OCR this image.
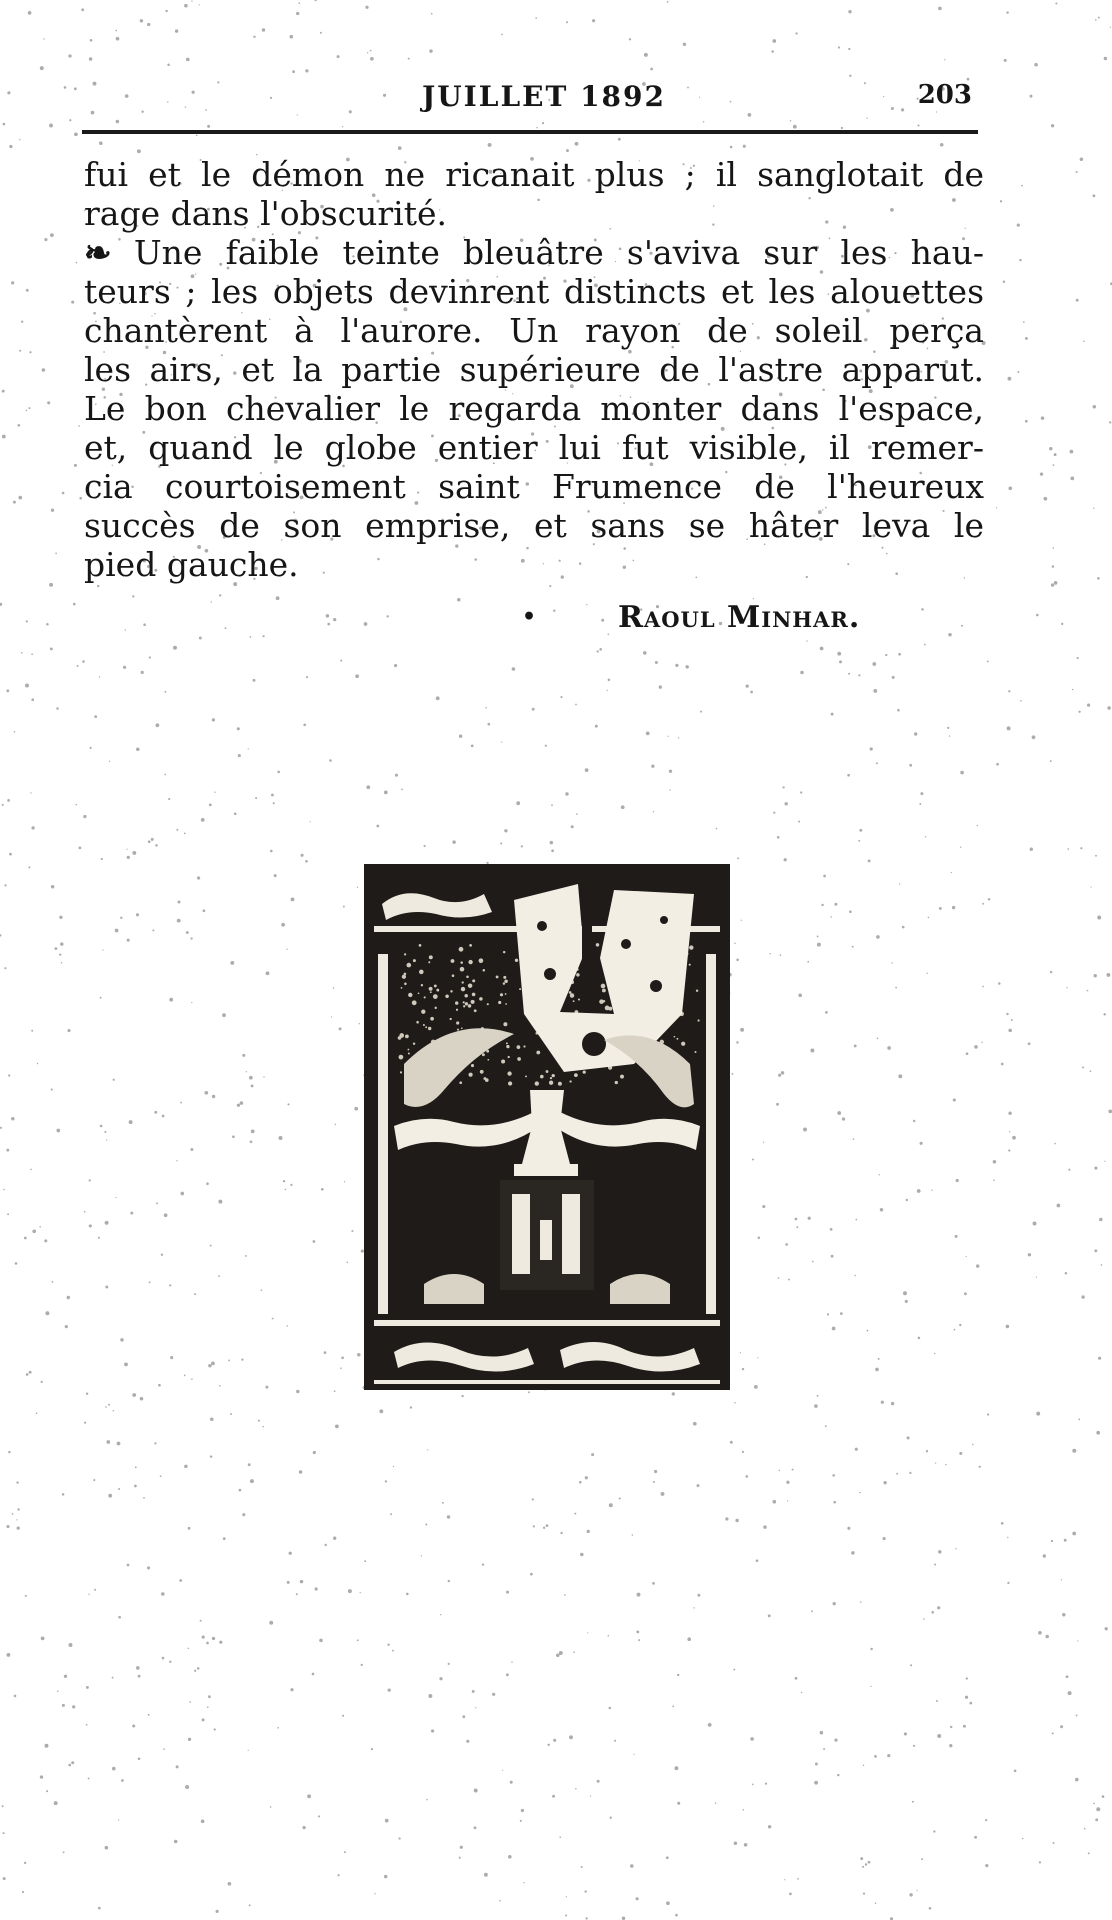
JUILLET 1892	203
fui et le démon ne ricanait plus ; il sanglotait de
rage dans l'obscurité.
❧ Une faible teinte bleuâtre s'aviva sur les hau-
teurs ; les objets devinrent distincts et les alouettes
chantèrent à l'aurore. Un rayon de soleil perça
les airs, et la partie supérieure de l'astre apparut.
Le bon chevalier le regarda monter dans l'espace,
et, quand le globe entier lui fut visible, il remer-
cia courtoisement saint Frumence de l'heureux
succès de son emprise, et sans se hâter leva le
pied gauche.
•	Raoul Minhar.
